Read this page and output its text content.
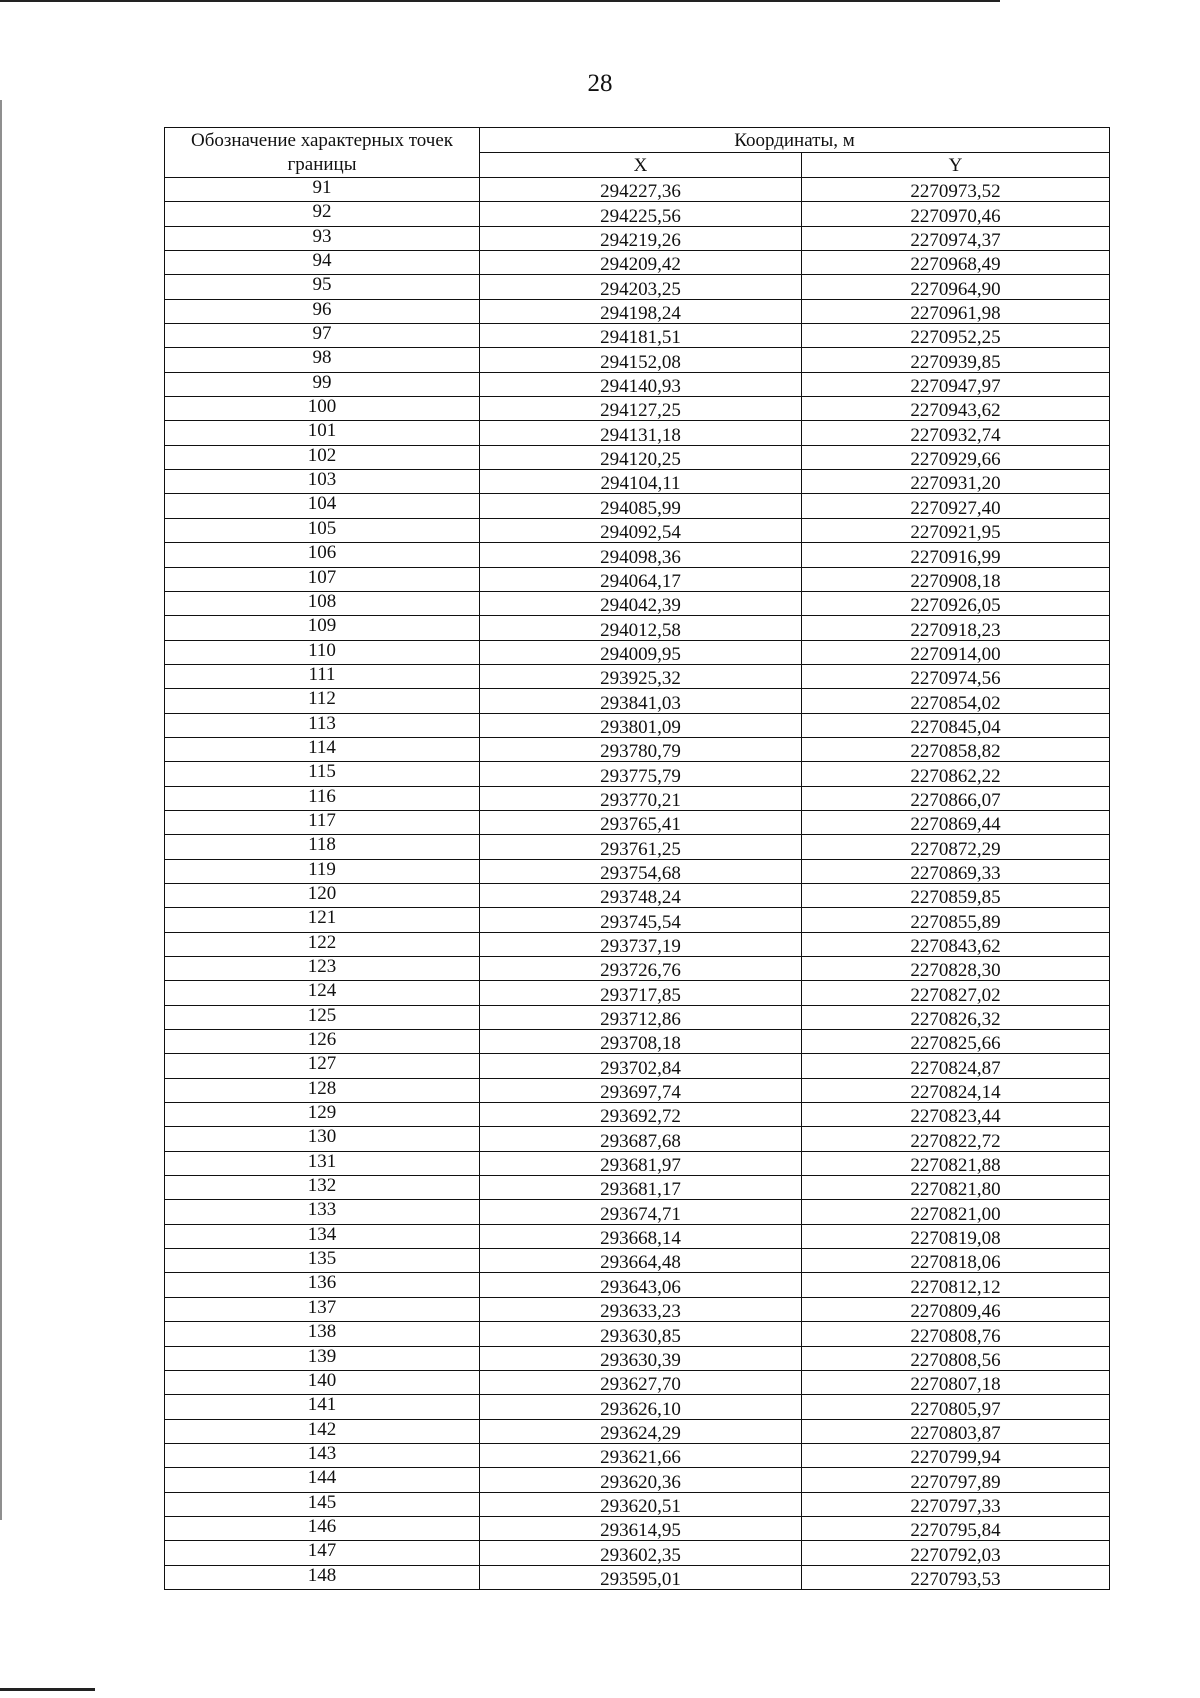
28
Обозначение характерных точек границы	Координаты, м	
	X	Y
91	294227,36	2270973,52
92	294225,56	2270970,46
93	294219,26	2270974,37
94	294209,42	2270968,49
95	294203,25	2270964,90
96	294198,24	2270961,98
97	294181,51	2270952,25
98	294152,08	2270939,85
99	294140,93	2270947,97
100	294127,25	2270943,62
101	294131,18	2270932,74
102	294120,25	2270929,66
103	294104,11	2270931,20
104	294085,99	2270927,40
105	294092,54	2270921,95
106	294098,36	2270916,99
107	294064,17	2270908,18
108	294042,39	2270926,05
109	294012,58	2270918,23
110	294009,95	2270914,00
111	293925,32	2270974,56
112	293841,03	2270854,02
113	293801,09	2270845,04
114	293780,79	2270858,82
115	293775,79	2270862,22
116	293770,21	2270866,07
117	293765,41	2270869,44
118	293761,25	2270872,29
119	293754,68	2270869,33
120	293748,24	2270859,85
121	293745,54	2270855,89
122	293737,19	2270843,62
123	293726,76	2270828,30
124	293717,85	2270827,02
125	293712,86	2270826,32
126	293708,18	2270825,66
127	293702,84	2270824,87
128	293697,74	2270824,14
129	293692,72	2270823,44
130	293687,68	2270822,72
131	293681,97	2270821,88
132	293681,17	2270821,80
133	293674,71	2270821,00
134	293668,14	2270819,08
135	293664,48	2270818,06
136	293643,06	2270812,12
137	293633,23	2270809,46
138	293630,85	2270808,76
139	293630,39	2270808,56
140	293627,70	2270807,18
141	293626,10	2270805,97
142	293624,29	2270803,87
143	293621,66	2270799,94
144	293620,36	2270797,89
145	293620,51	2270797,33
146	293614,95	2270795,84
147	293602,35	2270792,03
148	293595,01	2270793,53
